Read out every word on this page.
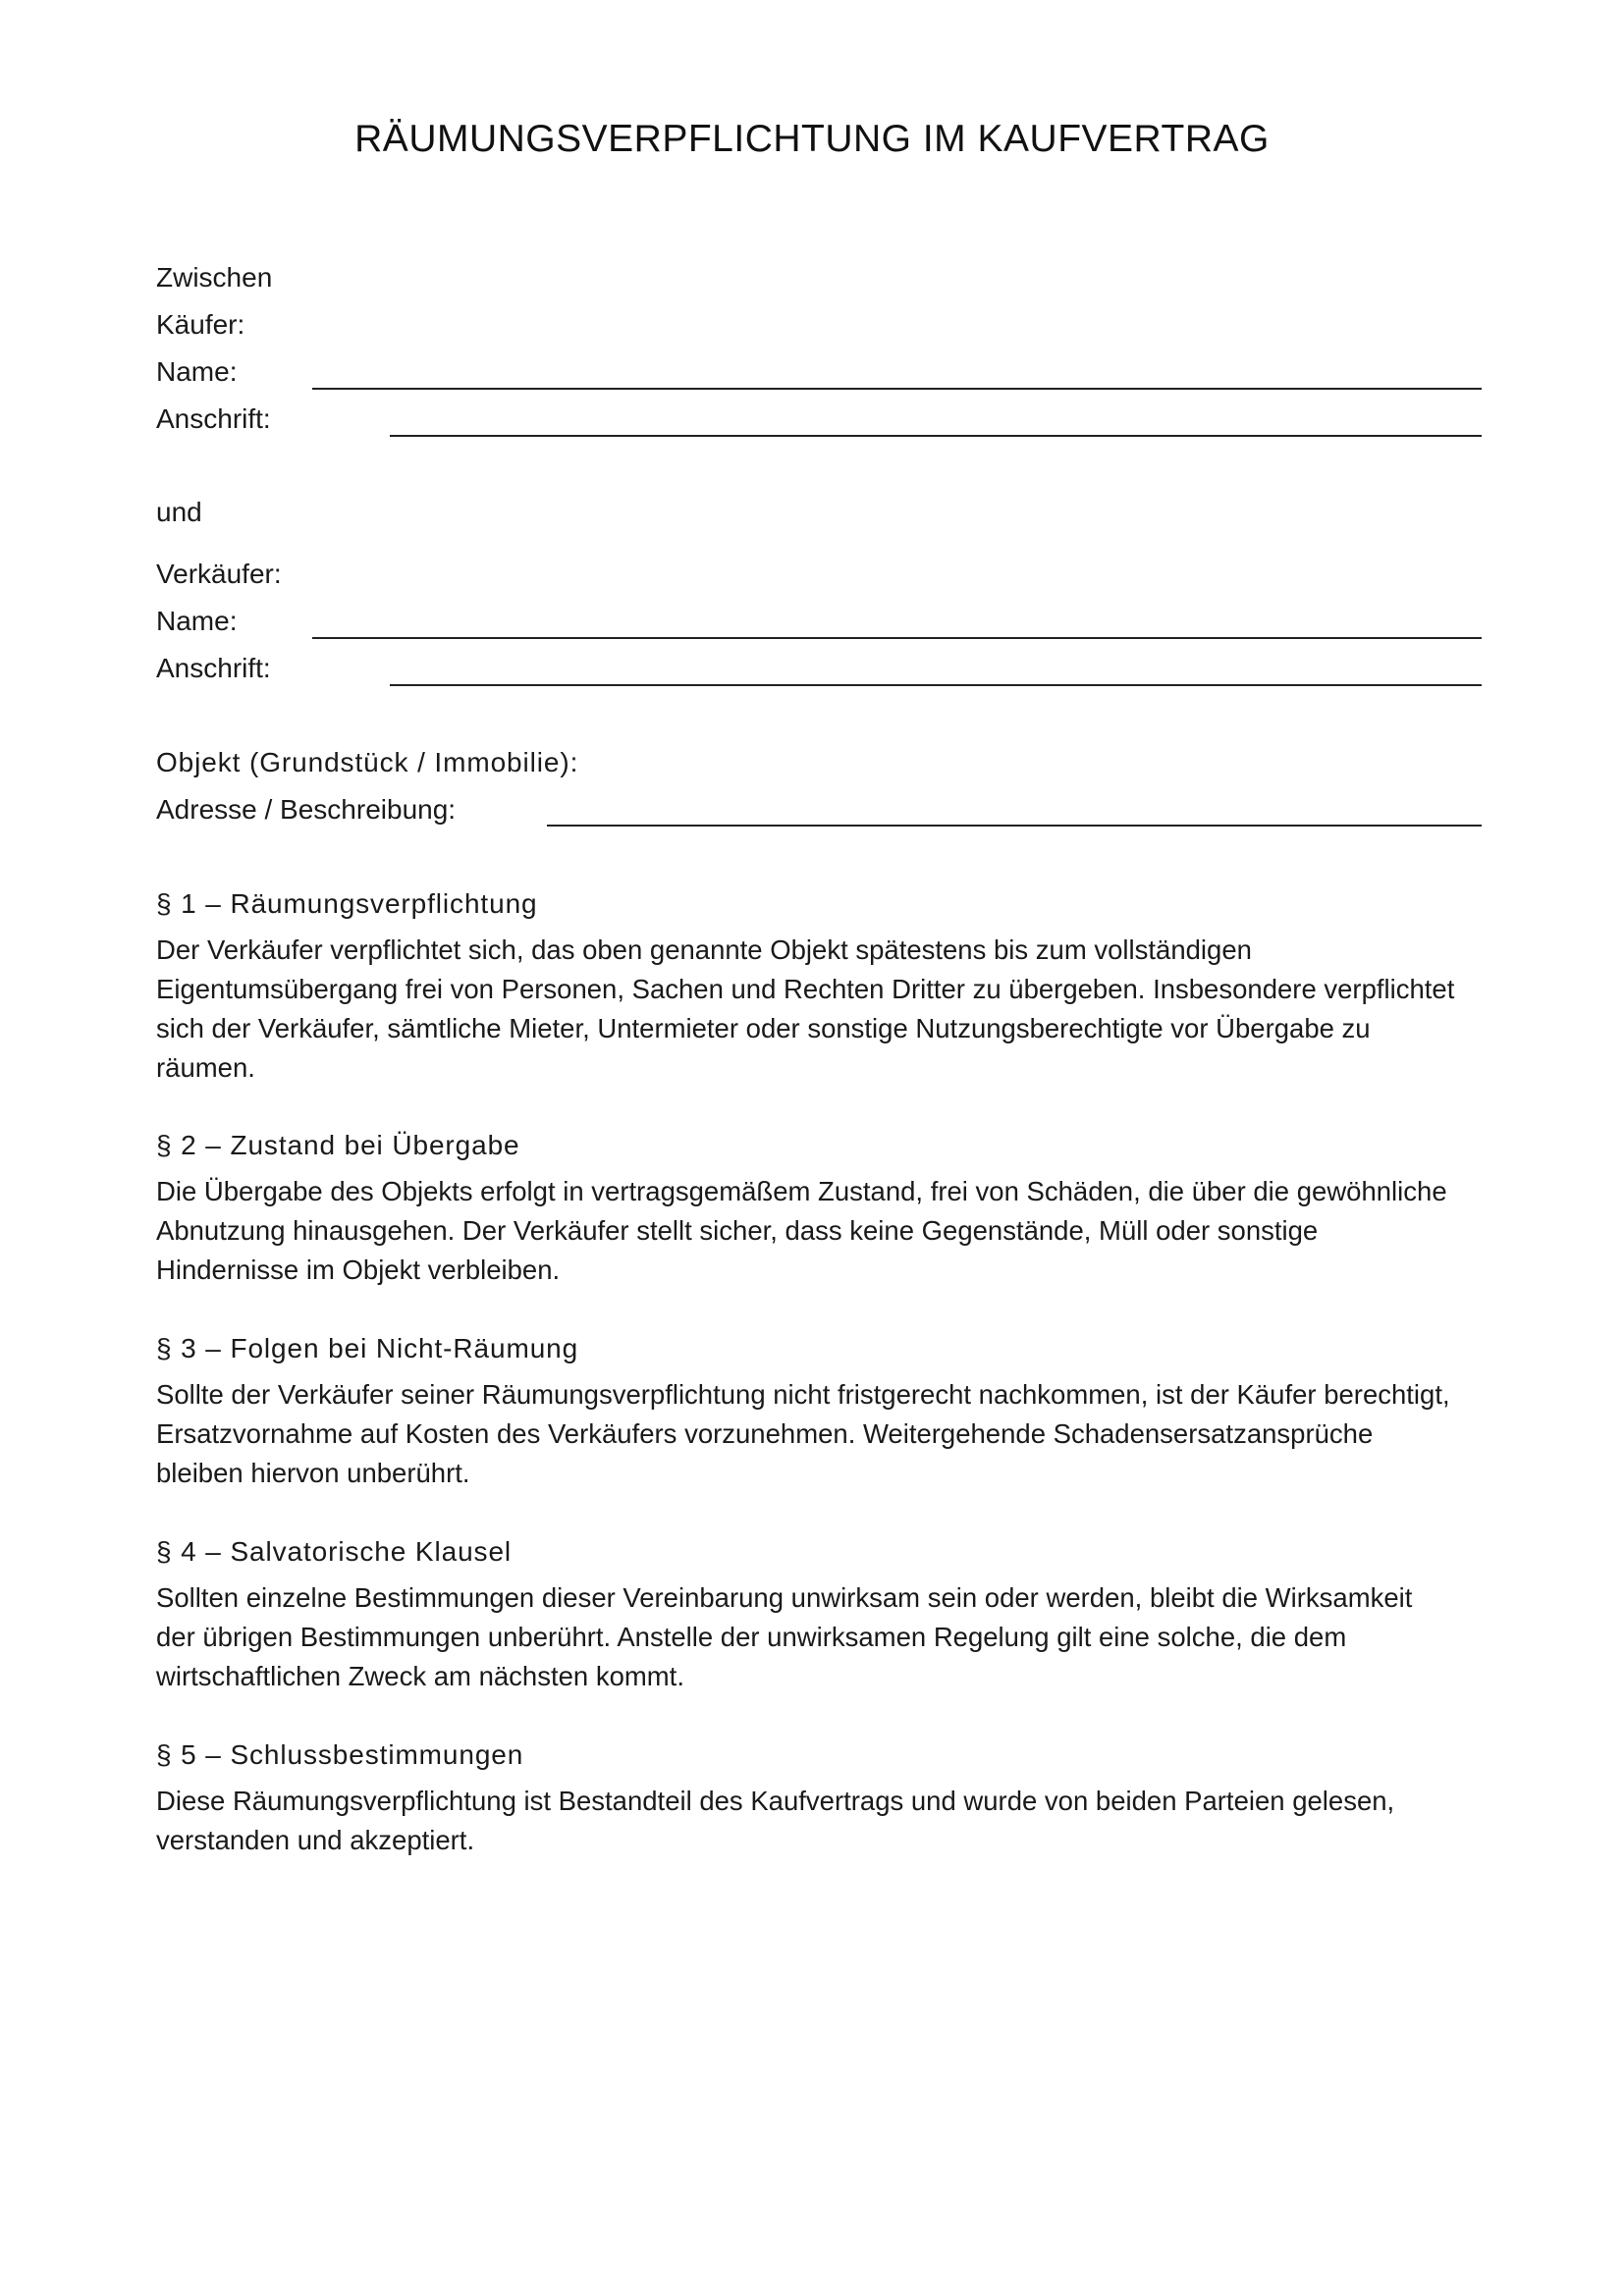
RÄUMUNGSVERPFLICHTUNG IM KAUFVERTRAG
Zwischen
Käufer:
Name:
Anschrift:
und
Verkäufer:
Name:
Anschrift:
Objekt (Grundstück / Immobilie):
Adresse / Beschreibung:
§ 1 – Räumungsverpflichtung
Der Verkäufer verpflichtet sich, das oben genannte Objekt spätestens bis zum vollständigen
Eigentumsübergang frei von Personen, Sachen und Rechten Dritter zu übergeben. Insbesondere verpflichtet
sich der Verkäufer, sämtliche Mieter, Untermieter oder sonstige Nutzungsberechtigte vor Übergabe zu
räumen.
§ 2 – Zustand bei Übergabe
Die Übergabe des Objekts erfolgt in vertragsgemäßem Zustand, frei von Schäden, die über die gewöhnliche
Abnutzung hinausgehen. Der Verkäufer stellt sicher, dass keine Gegenstände, Müll oder sonstige
Hindernisse im Objekt verbleiben.
§ 3 – Folgen bei Nicht-Räumung
Sollte der Verkäufer seiner Räumungsverpflichtung nicht fristgerecht nachkommen, ist der Käufer berechtigt,
Ersatzvornahme auf Kosten des Verkäufers vorzunehmen. Weitergehende Schadensersatzansprüche
bleiben hiervon unberührt.
§ 4 – Salvatorische Klausel
Sollten einzelne Bestimmungen dieser Vereinbarung unwirksam sein oder werden, bleibt die Wirksamkeit
der übrigen Bestimmungen unberührt. Anstelle der unwirksamen Regelung gilt eine solche, die dem
wirtschaftlichen Zweck am nächsten kommt.
§ 5 – Schlussbestimmungen
Diese Räumungsverpflichtung ist Bestandteil des Kaufvertrags und wurde von beiden Parteien gelesen,
verstanden und akzeptiert.
